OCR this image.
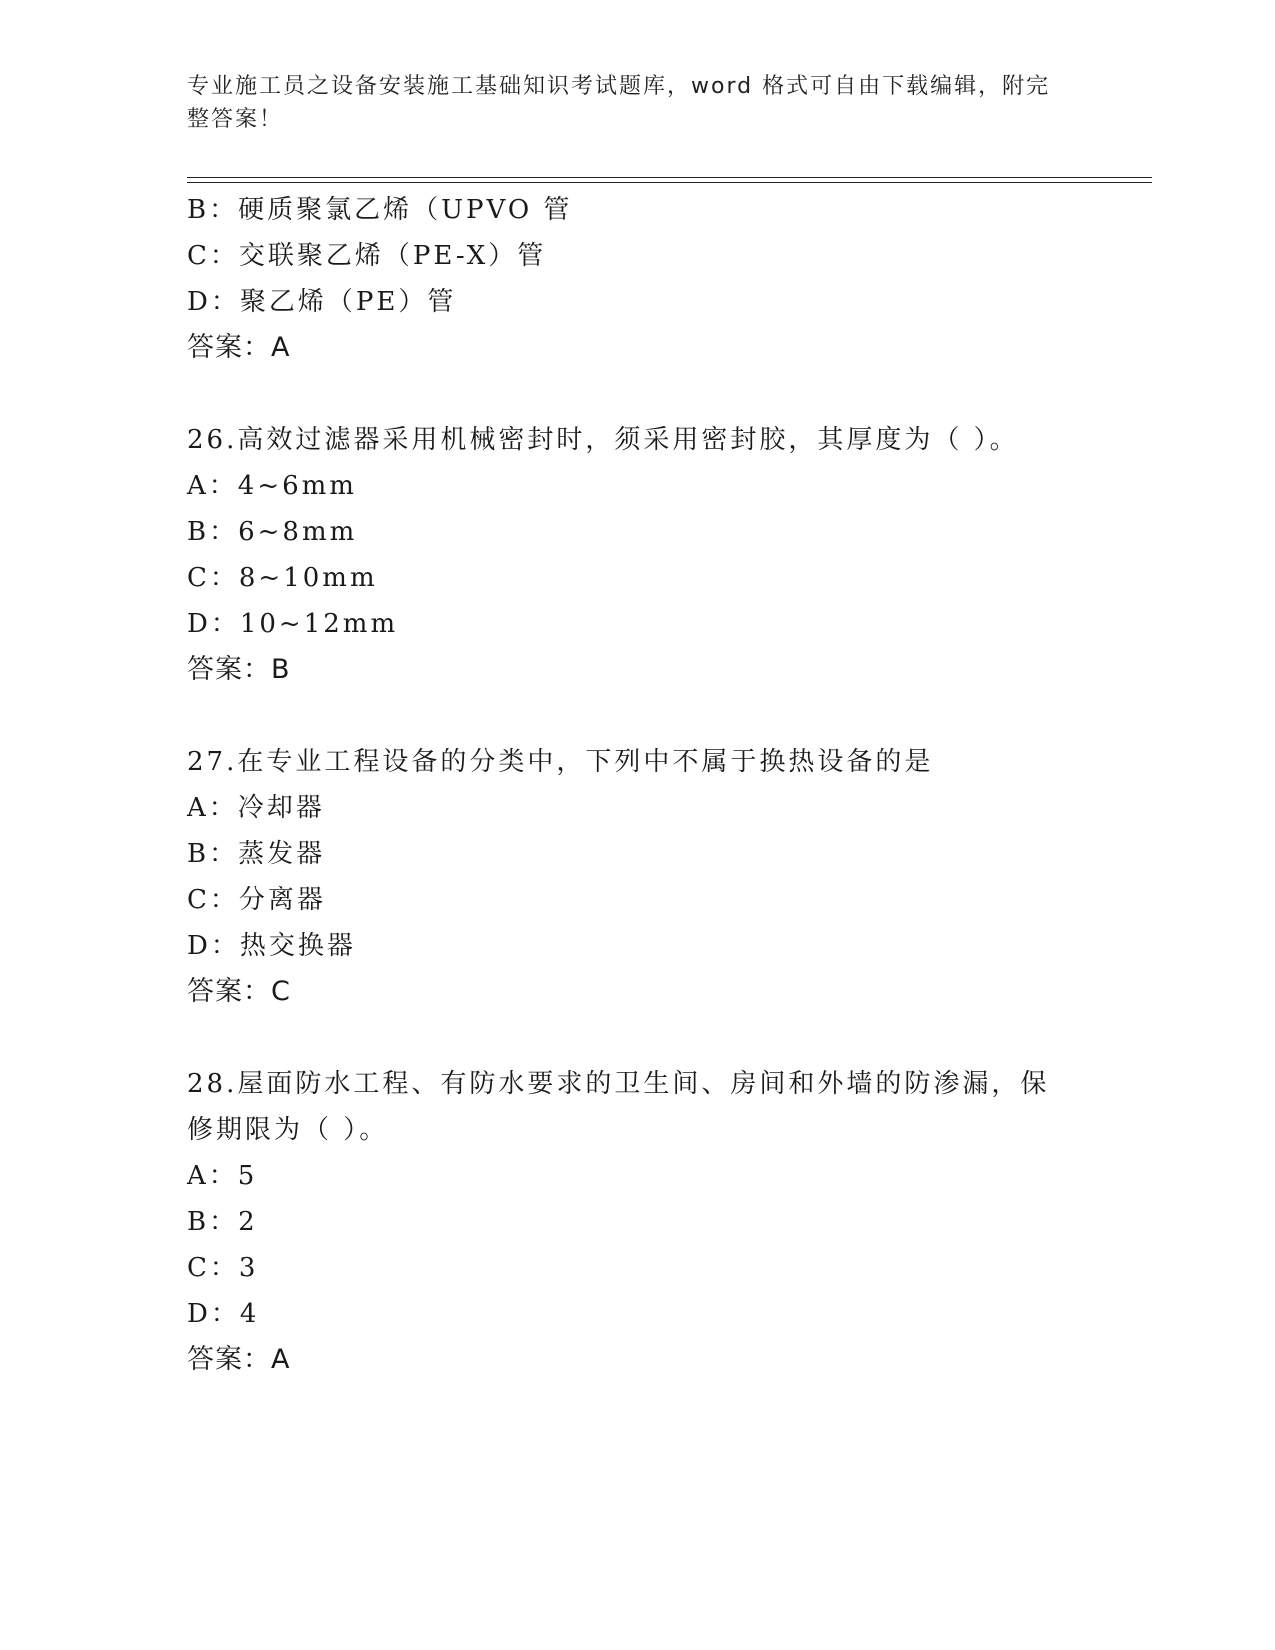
专业施工员之设备安装施工基础知识考试题库，word 格式可自由下载编辑，附完整答案！
B：硬质聚氯乙烯（UPVO 管
C：交联聚乙烯（PE-X）管
D：聚乙烯（PE）管
答案：A
26.高效过滤器采用机械密封时，须采用密封胶，其厚度为（ ）。
A：4~6mm
B：6~8mm
C：8~10mm
D：10~12mm
答案：B
27.在专业工程设备的分类中，下列中不属于换热设备的是
A：冷却器
B：蒸发器
C：分离器
D：热交换器
答案：C
28.屋面防水工程、有防水要求的卫生间、房间和外墙的防渗漏，保修期限为（ ）。
A：5
B：2
C：3
D：4
答案：A
